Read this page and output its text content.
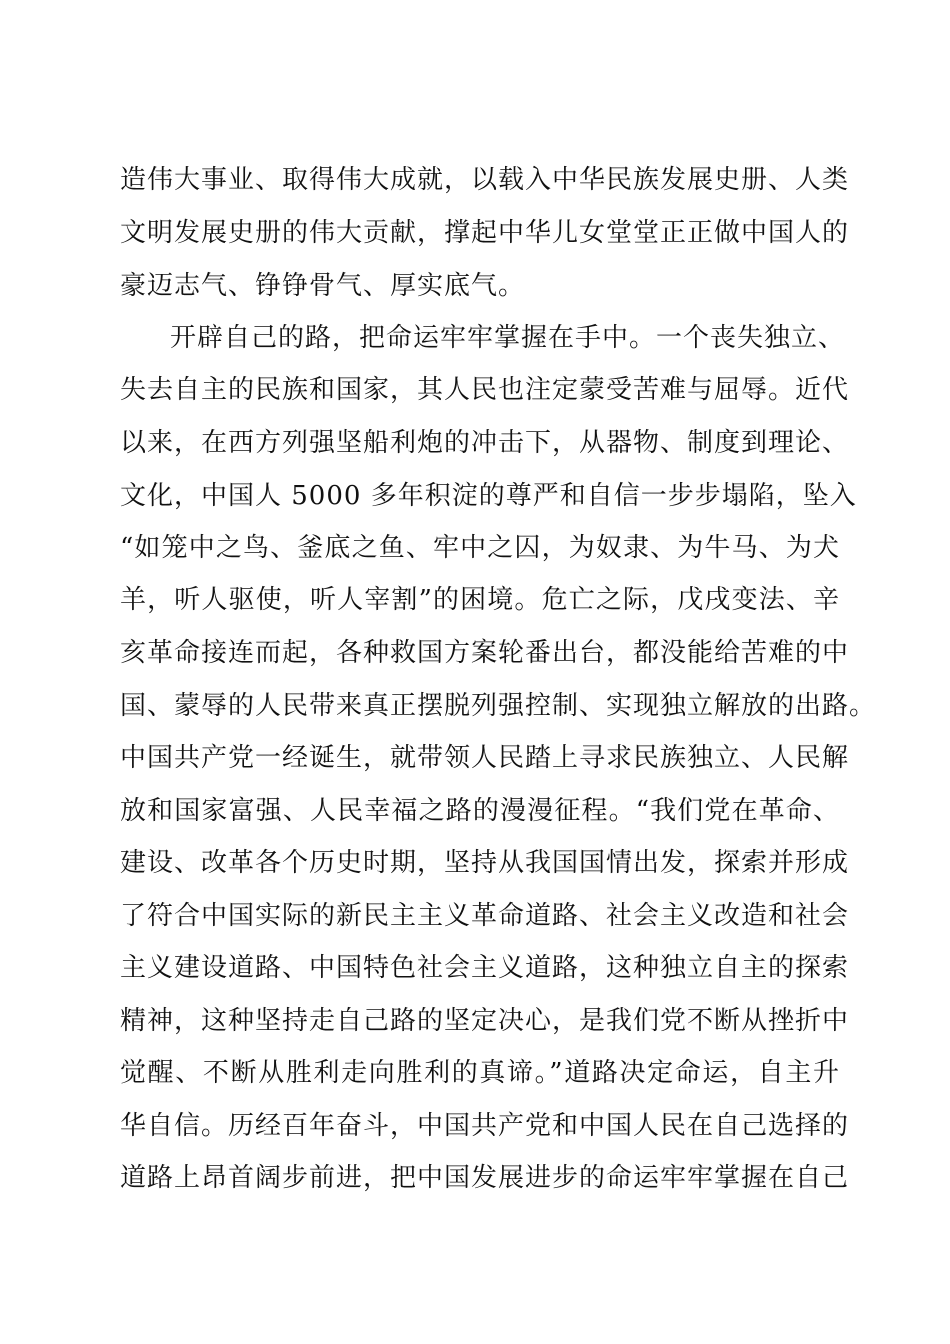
造伟大事业、取得伟大成就，以载入中华民族发展史册、人类
文明发展史册的伟大贡献，撑起中华儿女堂堂正正做中国人的
豪迈志气、铮铮骨气、厚实底气。
开辟自己的路，把命运牢牢掌握在手中。一个丧失独立、
失去自主的民族和国家，其人民也注定蒙受苦难与屈辱。近代
以来，在西方列强坚船利炮的冲击下，从器物、制度到理论、
文化，中国人 5000 多年积淀的尊严和自信一步步塌陷，坠入
“如笼中之鸟、釜底之鱼、牢中之囚，为奴隶、为牛马、为犬
羊，听人驱使，听人宰割”的困境。危亡之际，戊戌变法、辛
亥革命接连而起，各种救国方案轮番出台，都没能给苦难的中
国、蒙辱的人民带来真正摆脱列强控制、实现独立解放的出路。
中国共产党一经诞生，就带领人民踏上寻求民族独立、人民解
放和国家富强、人民幸福之路的漫漫征程。“我们党在革命、
建设、改革各个历史时期，坚持从我国国情出发，探索并形成
了符合中国实际的新民主主义革命道路、社会主义改造和社会
主义建设道路、中国特色社会主义道路，这种独立自主的探索
精神，这种坚持走自己路的坚定决心，是我们党不断从挫折中
觉醒、不断从胜利走向胜利的真谛。”道路决定命运，自主升
华自信。历经百年奋斗，中国共产党和中国人民在自己选择的
道路上昂首阔步前进，把中国发展进步的命运牢牢掌握在自己
